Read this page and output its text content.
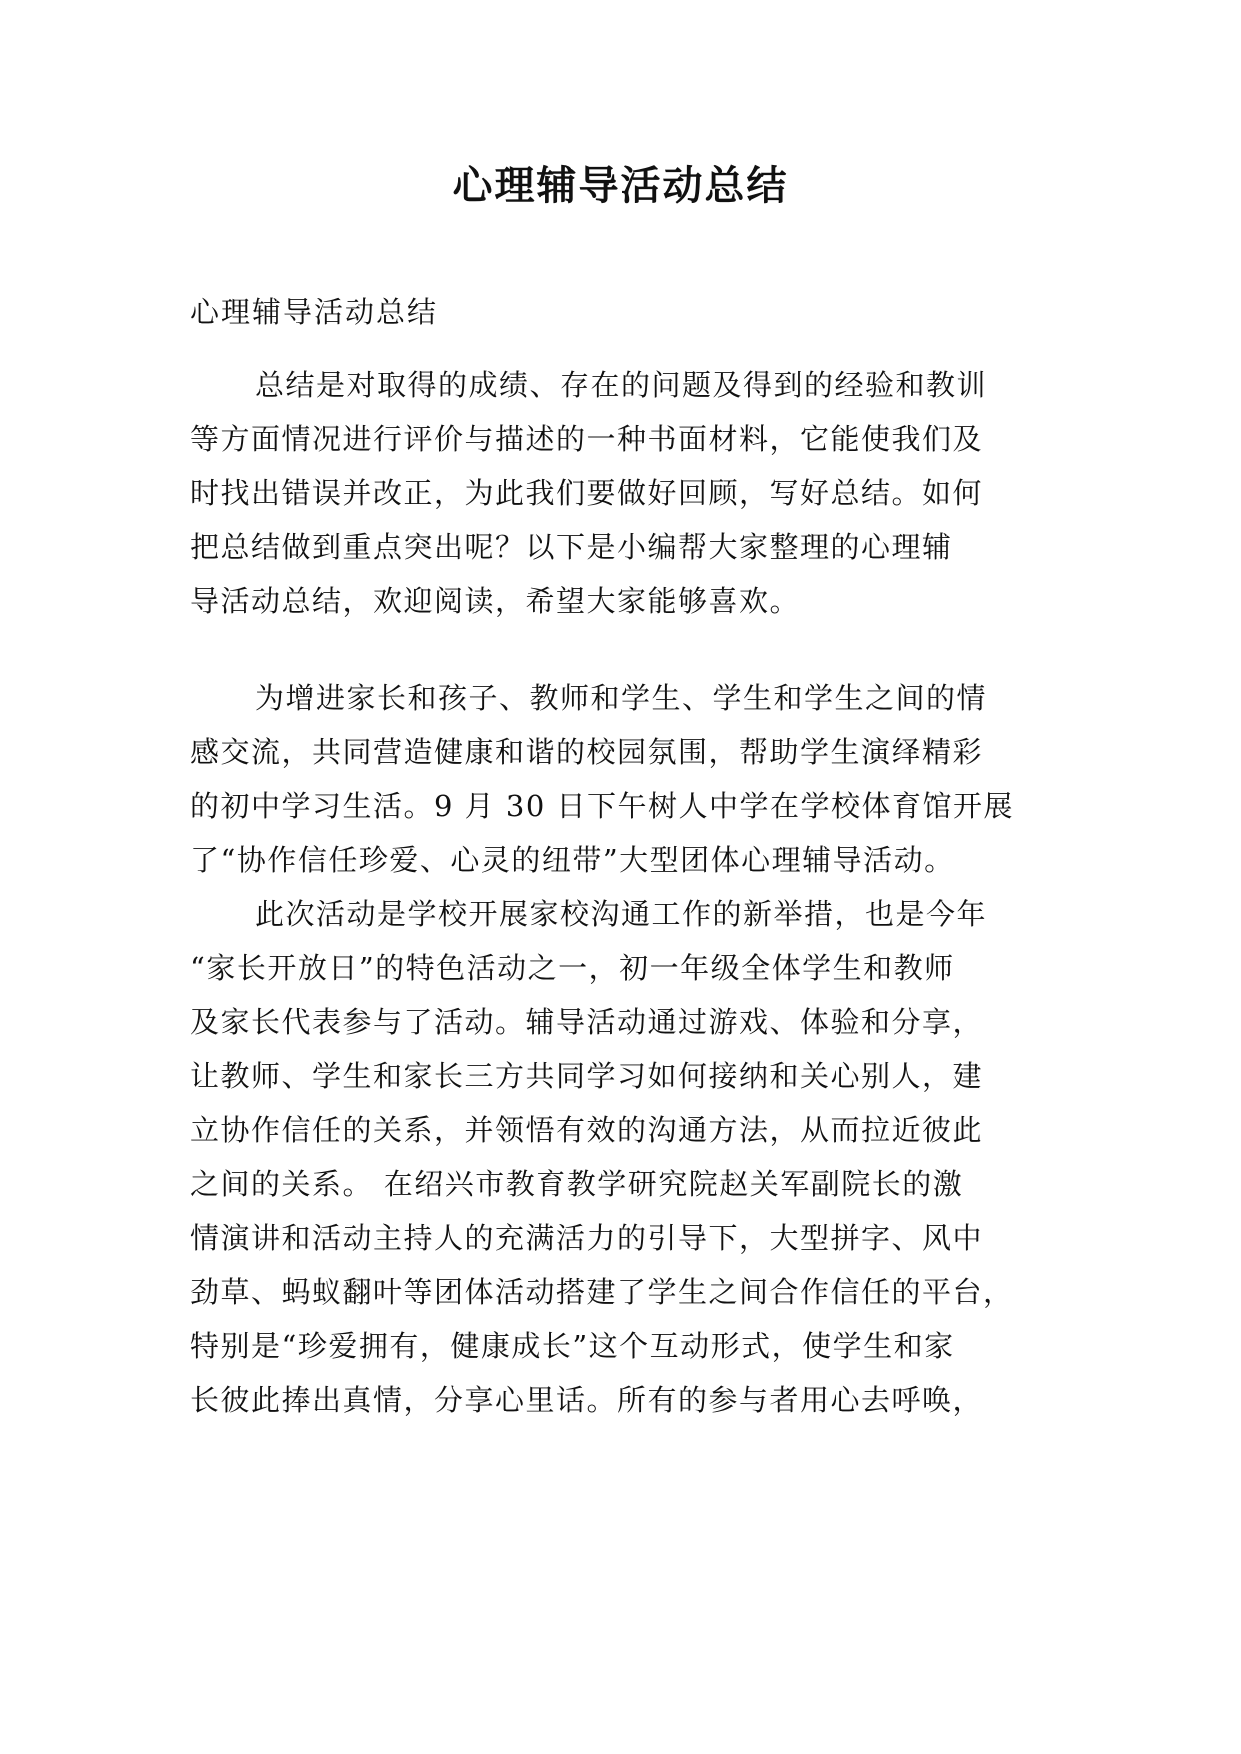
心理辅导活动总结

心理辅导活动总结

总结是对取得的成绩、存在的问题及得到的经验和教训

等方面情况进行评价与描述的一种书面材料，它能使我们及

时找出错误并改正，为此我们要做好回顾，写好总结。如何

把总结做到重点突出呢？以下是小编帮大家整理的心理辅

导活动总结，欢迎阅读，希望大家能够喜欢。

为增进家长和孩子、教师和学生、学生和学生之间的情

感交流，共同营造健康和谐的校园氛围，帮助学生演绎精彩

的初中学习生活。9 月 30 日下午树人中学在学校体育馆开展

了“协作信任珍爱、心灵的纽带”大型团体心理辅导活动。

此次活动是学校开展家校沟通工作的新举措，也是今年

“家长开放日”的特色活动之一，初一年级全体学生和教师

及家长代表参与了活动。辅导活动通过游戏、体验和分享，

让教师、学生和家长三方共同学习如何接纳和关心别人，建

立协作信任的关系，并领悟有效的沟通方法，从而拉近彼此

之间的关系。 在绍兴市教育教学研究院赵关军副院长的激

情演讲和活动主持人的充满活力的引导下，大型拼字、风中

劲草、蚂蚁翻叶等团体活动搭建了学生之间合作信任的平台，

特别是“珍爱拥有，健康成长”这个互动形式，使学生和家

长彼此捧出真情，分享心里话。所有的参与者用心去呼唤，
